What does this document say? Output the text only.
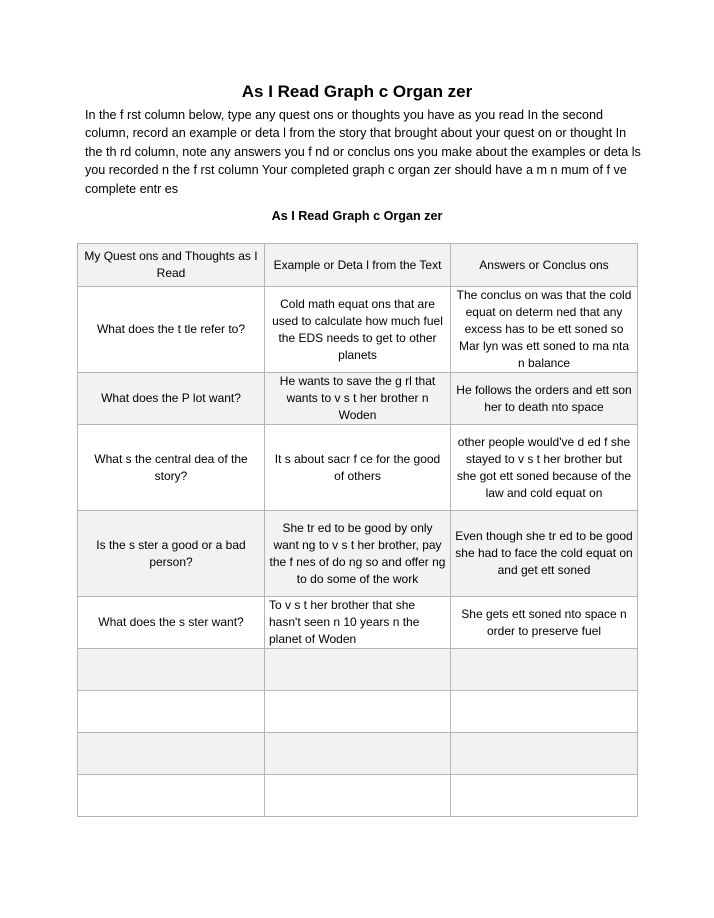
As I Read Graph c Organ zer

In the f rst column below, type any quest ons or thoughts you have as you read In the second column, record an example or deta l from the story that brought about your quest on or thought In the th rd column, note any answers you f nd or conclus ons you make about the examples or deta ls you recorded n the f rst column Your completed graph c organ zer should have a m n mum of f ve complete entr es

As I Read Graph c Organ zer
My Quest ons and Thoughts as I Read	Example or Deta l from the Text	Answers or Conclus ons
What does the t tle refer to?	Cold math equat ons that are used to calculate how much fuel the EDS needs to get to other planets	The conclus on was that the cold equat on determ ned that any excess has to be ett soned so Mar lyn was ett soned to ma nta n balance
What does the P lot want?	He wants to save the g rl that wants to v s t her brother n Woden	He follows the orders and ett son her to death nto space
What s the central dea of the story?	It s about sacr f ce for the good of others	other people would've d ed f she stayed to v s t her brother but she got ett soned because of the law and cold equat on
Is the s ster a good or a bad person?	She tr ed to be good by only want ng to v s t her brother, pay the f nes of do ng so and offer ng to do some of the work	Even though she tr ed to be good she had to face the cold equat on and get ett soned
What does the s ster want?	To v s t her brother that she hasn't seen n 10 years n the planet of Woden	She gets ett soned nto space n order to preserve fuel
